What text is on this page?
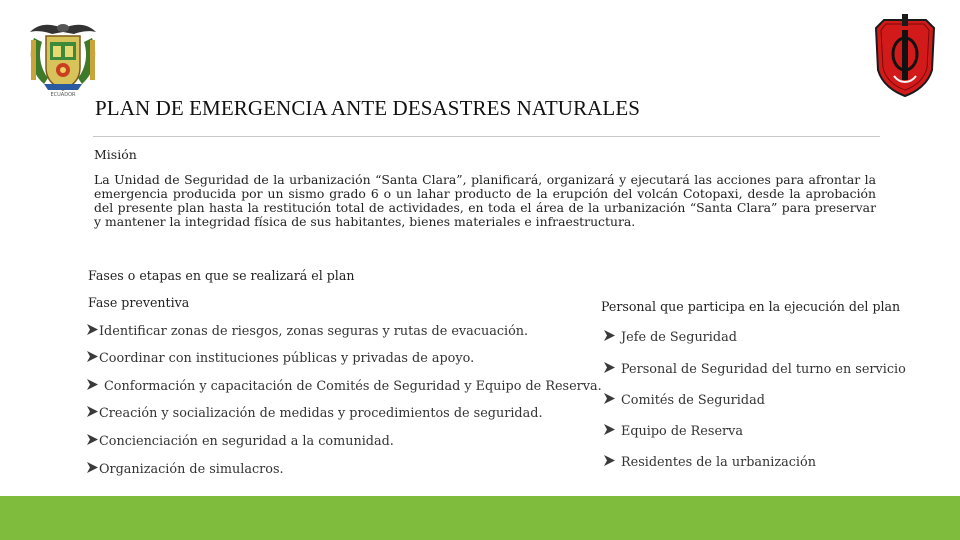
ECUADOR
PLAN DE EMERGENCIA ANTE DESASTRES NATURALES
Misión
La Unidad de Seguridad de la urbanización “Santa Clara”, planificará, organizará y ejecutará las acciones para afrontar la emergencia producida por un sismo grado 6 o un lahar producto de la erupción del volcán Cotopaxi, desde la aprobación del presente plan hasta la restitución total de actividades, en toda el área de la urbanización “Santa Clara” para preservar y mantener la integridad física de sus habitantes, bienes materiales e infraestructura.
Fases o etapas en que se realizará el plan
Fase preventiva
Identificar zonas de riesgos, zonas seguras y rutas de evacuación.
Coordinar con instituciones públicas y privadas de apoyo.
Conformación y capacitación de Comités de Seguridad y Equipo de Reserva.
Creación y socialización de medidas y procedimientos de seguridad.
Concienciación en seguridad a la comunidad.
Organización de simulacros.
Personal que participa en la ejecución del plan
Jefe de Seguridad
Personal de Seguridad del turno en servicio
Comités de Seguridad
Equipo de Reserva
Residentes de la urbanización
